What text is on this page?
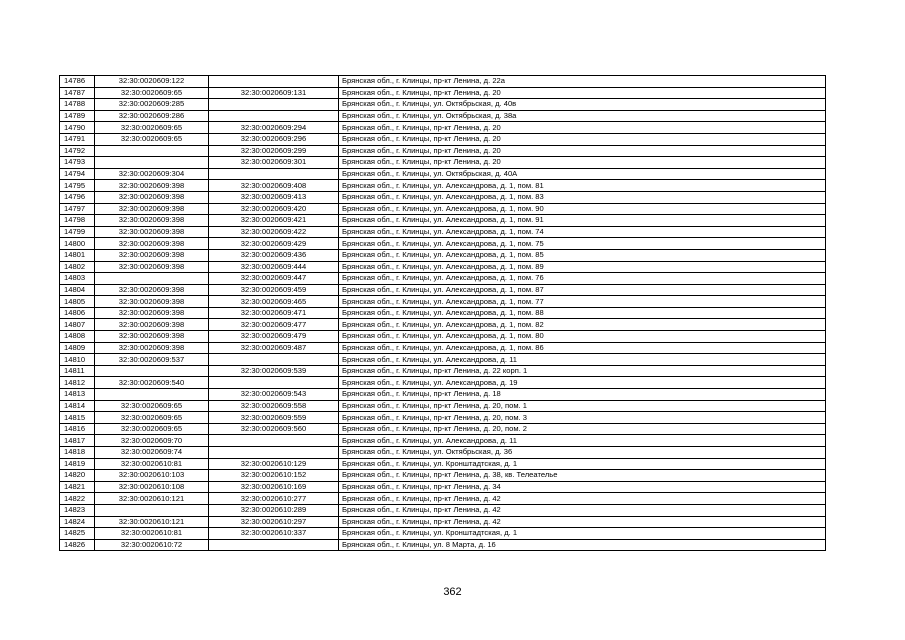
14786	32:30:0020609:122		Брянская обл., г. Клинцы, пр-кт Ленина, д. 22а
14787	32:30:0020609:65	32:30:0020609:131	Брянская обл., г. Клинцы, пр-кт Ленина, д. 20
14788	32:30:0020609:285		Брянская обл., г. Клинцы, ул. Октябрьская, д. 40в
14789	32:30:0020609:286		Брянская обл., г. Клинцы, ул. Октябрьская, д. 38а
14790	32:30:0020609:65	32:30:0020609:294	Брянская обл., г. Клинцы, пр-кт Ленина, д. 20
14791	32:30:0020609:65	32:30:0020609:296	Брянская обл., г. Клинцы, пр-кт Ленина, д. 20
14792		32:30:0020609:299	Брянская обл., г. Клинцы, пр-кт Ленина, д. 20
14793		32:30:0020609:301	Брянская обл., г. Клинцы, пр-кт Ленина, д. 20
14794	32:30:0020609:304		Брянская обл., г. Клинцы, ул. Октябрьская, д. 40А
14795	32:30:0020609:398	32:30:0020609:408	Брянская обл., г. Клинцы, ул. Александрова, д. 1, пом. 81
14796	32:30:0020609:398	32:30:0020609:413	Брянская обл., г. Клинцы, ул. Александрова, д. 1, пом. 83
14797	32:30:0020609:398	32:30:0020609:420	Брянская обл., г. Клинцы, ул. Александрова, д. 1, пом. 90
14798	32:30:0020609:398	32:30:0020609:421	Брянская обл., г. Клинцы, ул. Александрова, д. 1, пом. 91
14799	32:30:0020609:398	32:30:0020609:422	Брянская обл., г. Клинцы, ул. Александрова, д. 1, пом. 74
14800	32:30:0020609:398	32:30:0020609:429	Брянская обл., г. Клинцы, ул. Александрова, д. 1, пом. 75
14801	32:30:0020609:398	32:30:0020609:436	Брянская обл., г. Клинцы, ул. Александрова, д. 1, пом. 85
14802	32:30:0020609:398	32:30:0020609:444	Брянская обл., г. Клинцы, ул. Александрова, д. 1, пом. 89
14803		32:30:0020609:447	Брянская обл., г. Клинцы, ул. Александрова, д. 1, пом. 76
14804	32:30:0020609:398	32:30:0020609:459	Брянская обл., г. Клинцы, ул. Александрова, д. 1, пом. 87
14805	32:30:0020609:398	32:30:0020609:465	Брянская обл., г. Клинцы, ул. Александрова, д. 1, пом. 77
14806	32:30:0020609:398	32:30:0020609:471	Брянская обл., г. Клинцы, ул. Александрова, д. 1, пом. 88
14807	32:30:0020609:398	32:30:0020609:477	Брянская обл., г. Клинцы, ул. Александрова, д. 1, пом. 82
14808	32:30:0020609:398	32:30:0020609:479	Брянская обл., г. Клинцы, ул. Александрова, д. 1, пом. 80
14809	32:30:0020609:398	32:30:0020609:487	Брянская обл., г. Клинцы, ул. Александрова, д. 1, пом. 86
14810	32:30:0020609:537		Брянская обл., г. Клинцы, ул. Александрова, д. 11
14811		32:30:0020609:539	Брянская обл., г. Клинцы, пр-кт Ленина, д. 22 корп. 1
14812	32:30:0020609:540		Брянская обл., г. Клинцы, ул. Александрова, д. 19
14813		32:30:0020609:543	Брянская обл., г. Клинцы, пр-кт Ленина, д. 18
14814	32:30:0020609:65	32:30:0020609:558	Брянская обл., г. Клинцы, пр-кт Ленина, д. 20, пом. 1
14815	32:30:0020609:65	32:30:0020609:559	Брянская обл., г. Клинцы, пр-кт Ленина, д. 20, пом. 3
14816	32:30:0020609:65	32:30:0020609:560	Брянская обл., г. Клинцы, пр-кт Ленина, д. 20, пом. 2
14817	32:30:0020609:70		Брянская обл., г. Клинцы, ул. Александрова, д. 11
14818	32:30:0020609:74		Брянская обл., г. Клинцы, ул. Октябрьская, д. 36
14819	32:30:0020610:81	32:30:0020610:129	Брянская обл., г. Клинцы, ул. Кронштадтская, д. 1
14820	32:30:0020610:103	32:30:0020610:152	Брянская обл., г. Клинцы, пр-кт Ленина, д. 38, кв. Телеательe
14821	32:30:0020610:108	32:30:0020610:169	Брянская обл., г. Клинцы, пр-кт Ленина, д. 34
14822	32:30:0020610:121	32:30:0020610:277	Брянская обл., г. Клинцы, пр-кт Ленина, д. 42
14823		32:30:0020610:289	Брянская обл., г. Клинцы, пр-кт Ленина, д. 42
14824	32:30:0020610:121	32:30:0020610:297	Брянская обл., г. Клинцы, пр-кт Ленина, д. 42
14825	32:30:0020610:81	32:30:0020610:337	Брянская обл., г. Клинцы, ул. Кронштадтская, д. 1
14826	32:30:0020610:72		Брянская обл., г. Клинцы, ул. 8 Марта, д. 16
362
